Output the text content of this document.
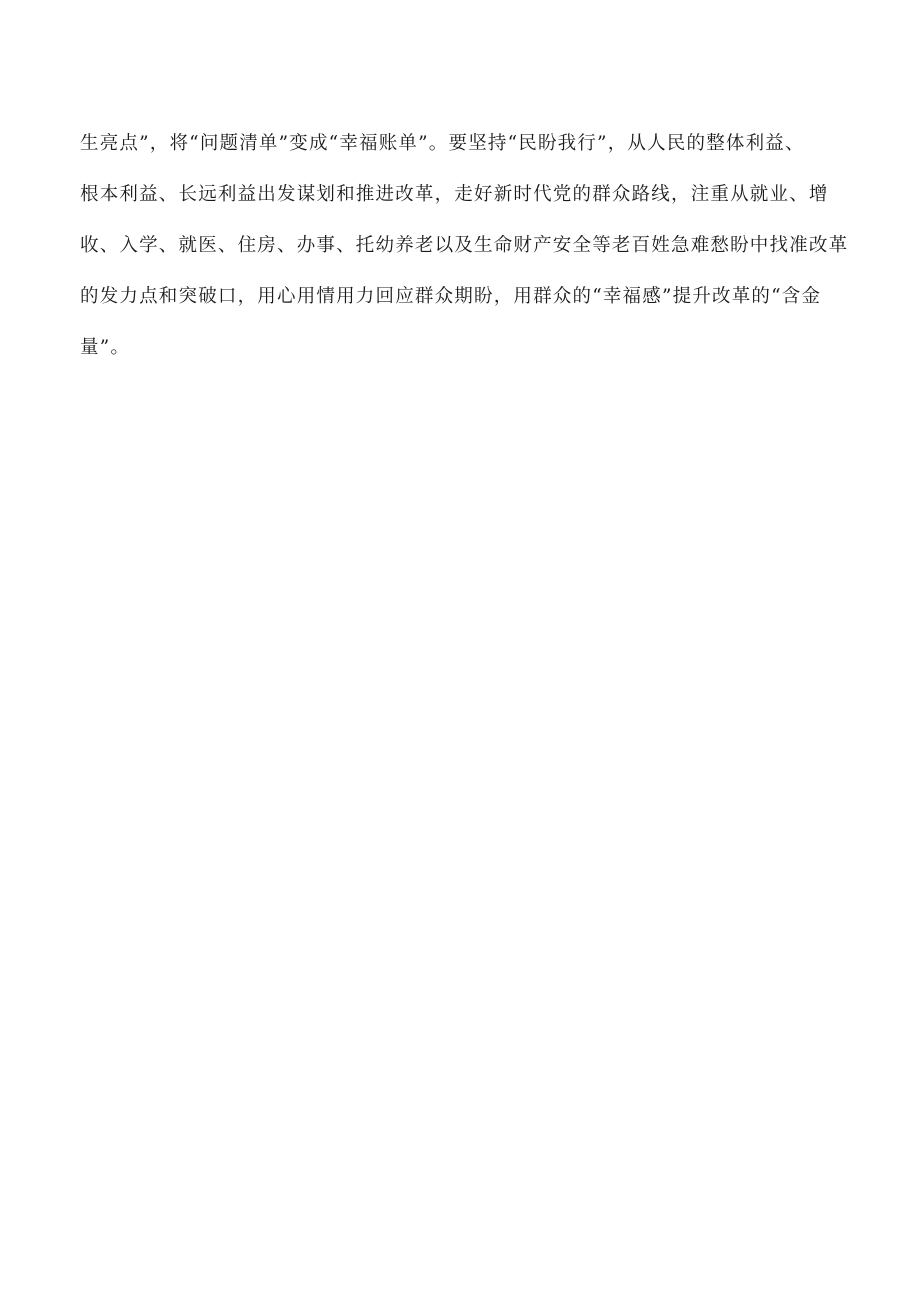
生亮点”，将“问题清单”变成“幸福账单”。要坚持“民盼我行”，从人民的整体利益、
根本利益、长远利益出发谋划和推进改革，走好新时代党的群众路线，注重从就业、增
收、入学、就医、住房、办事、托幼养老以及生命财产安全等老百姓急难愁盼中找准改革
的发力点和突破口，用心用情用力回应群众期盼，用群众的“幸福感”提升改革的“含金
量”。
